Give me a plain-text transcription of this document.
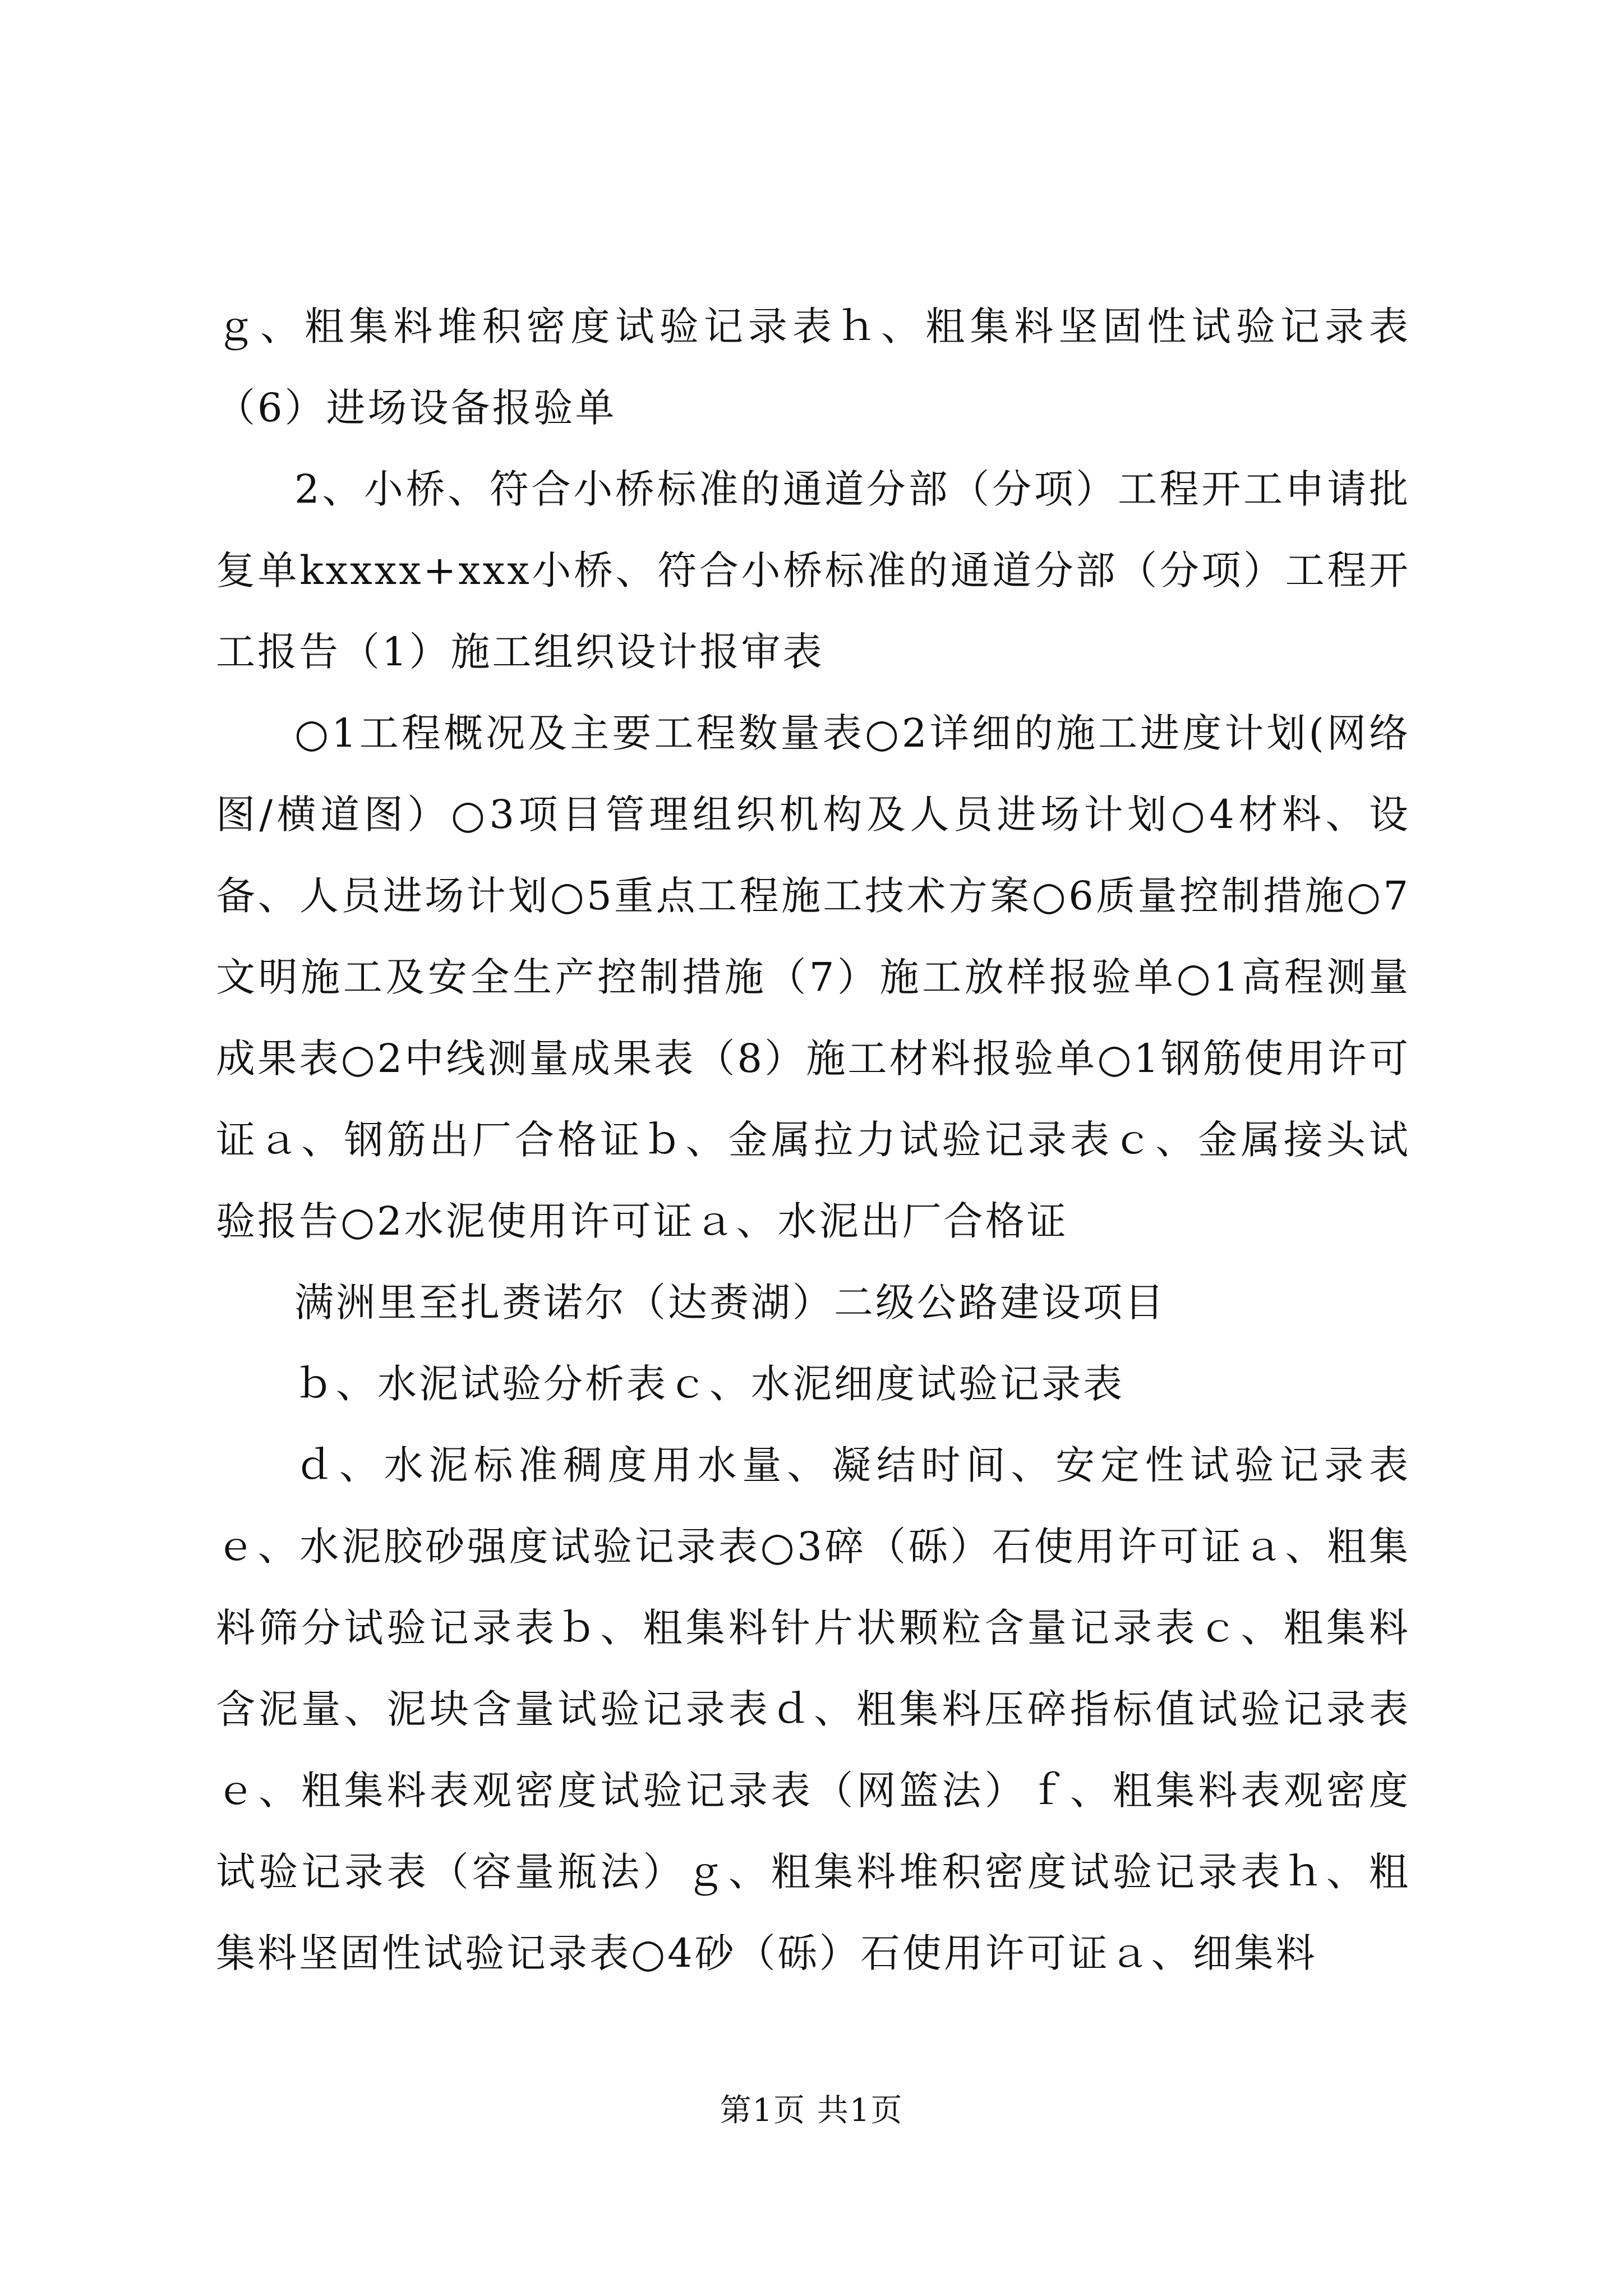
ｇ、粗集料堆积密度试验记录表ｈ、粗集料坚固性试验记录表（6）进场设备报验单

2、小桥、符合小桥标准的通道分部（分项）工程开工申请批复单kxxxx+xxx小桥、符合小桥标准的通道分部（分项）工程开工报告（1）施工组织设计报审表

○1工程概况及主要工程数量表○2详细的施工进度计划(网络图/横道图）○3项目管理组织机构及人员进场计划○4材料、设备、人员进场计划○5重点工程施工技术方案○6质量控制措施○7文明施工及安全生产控制措施（7）施工放样报验单○1高程测量成果表○2中线测量成果表（8）施工材料报验单○1钢筋使用许可证ａ、钢筋出厂合格证ｂ、金属拉力试验记录表ｃ、金属接头试验报告○2水泥使用许可证ａ、水泥出厂合格证

满洲里至扎赉诺尔（达赉湖）二级公路建设项目

ｂ、水泥试验分析表ｃ、水泥细度试验记录表

ｄ、水泥标准稠度用水量、凝结时间、安定性试验记录表ｅ、水泥胶砂强度试验记录表○3碎（砾）石使用许可证ａ、粗集料筛分试验记录表ｂ、粗集料针片状颗粒含量记录表ｃ、粗集料含泥量、泥块含量试验记录表ｄ、粗集料压碎指标值试验记录表ｅ、粗集料表观密度试验记录表（网篮法）ｆ、粗集料表观密度试验记录表（容量瓶法）ｇ、粗集料堆积密度试验记录表ｈ、粗集料坚固性试验记录表○4砂（砾）石使用许可证ａ、细集料

第1页 共1页
